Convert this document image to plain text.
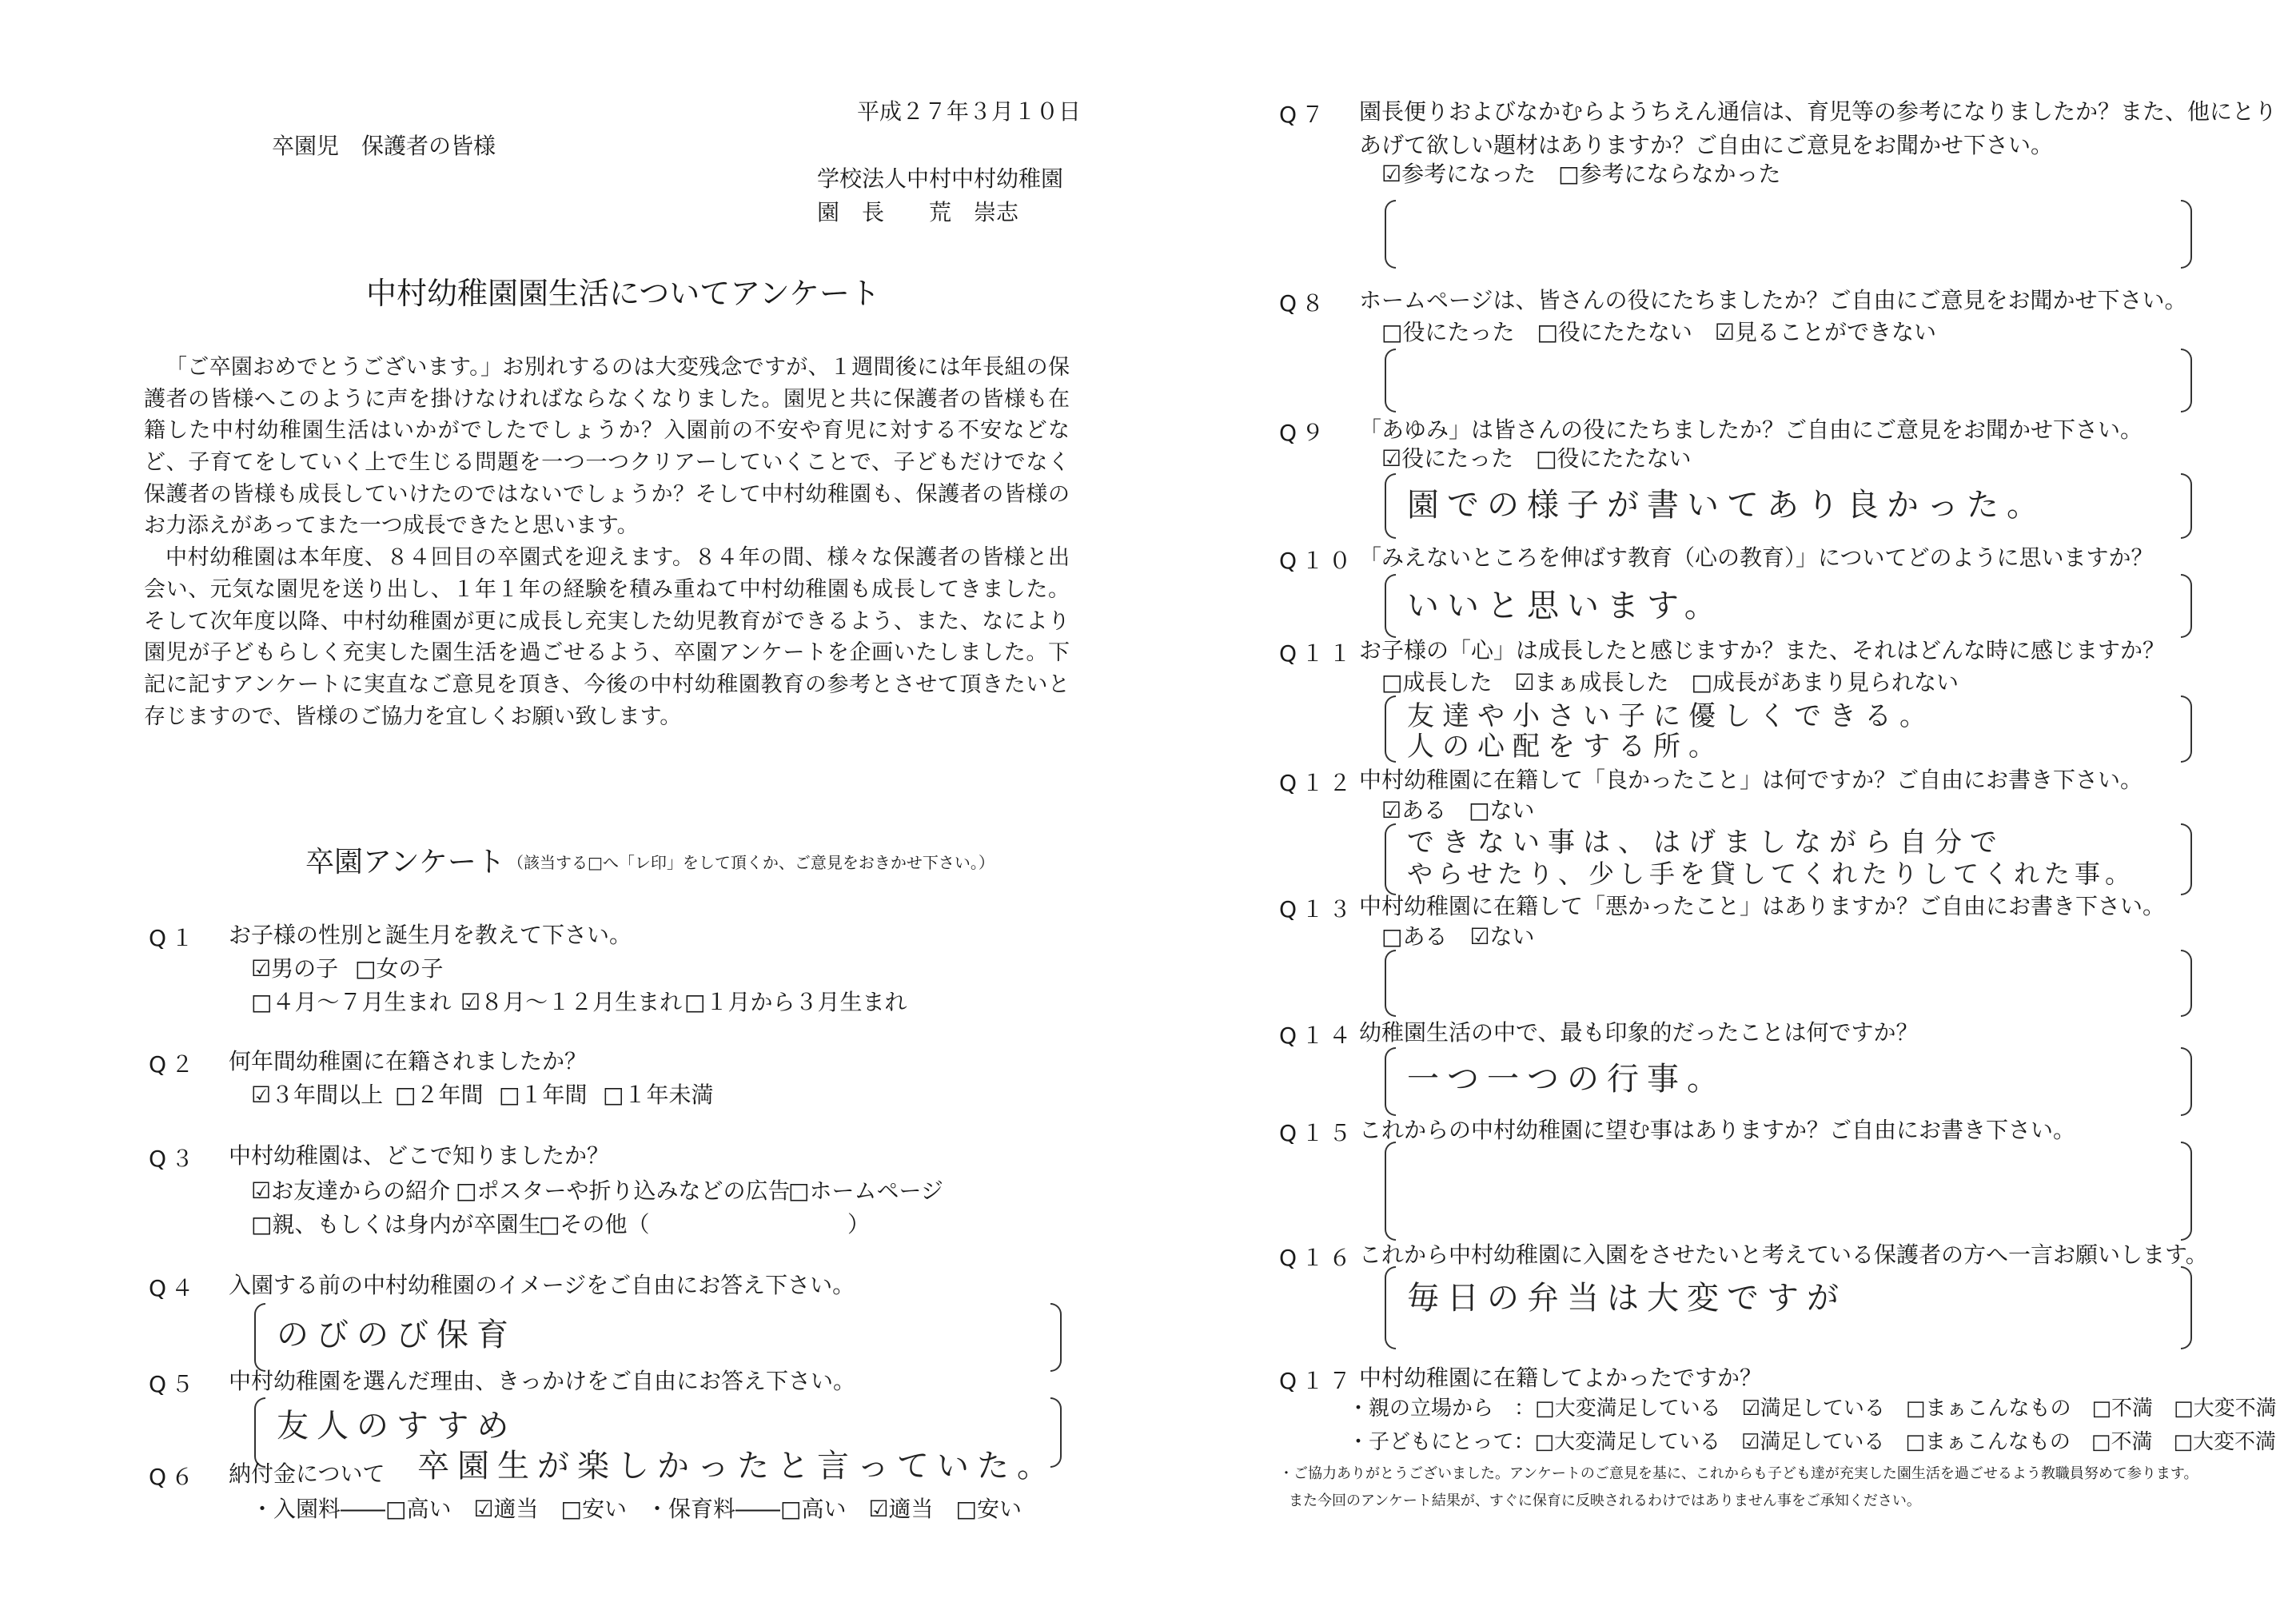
平成２７年３月１０日
卒園児　保護者の皆様
学校法人中村中村幼稚園
園　長　　荒　崇志
中村幼稚園園生活についてアンケート

「ご卒園おめでとうございます。」お別れするのは大変残念ですが、１週間後には年長組の保護者の皆様へこのように声を掛けなければならなくなりました。園児と共に保護者の皆様も在籍した中村幼稚園生活はいかがでしたでしょうか？入園前の不安や育児に対する不安などなど、子育てをしていく上で生じる問題を一つ一つクリアーしていくことで、子どもだけでなく保護者の皆様も成長していけたのではないでしょうか？そして中村幼稚園も、保護者の皆様のお力添えがあってまた一つ成長できたと思います。

中村幼稚園は本年度、８４回目の卒園式を迎えます。８４年の間、様々な保護者の皆様と出会い、元気な園児を送り出し、１年１年の経験を積み重ねて中村幼稚園も成長してきました。そして次年度以降、中村幼稚園が更に成長し充実した幼児教育ができるよう、また、なにより園児が子どもらしく充実した園生活を過ごせるよう、卒園アンケートを企画いたしました。下記に記すアンケートに実直なご意見を頂き、今後の中村幼稚園教育の参考とさせて頂きたいと存じますので、皆様のご協力を宜しくお願い致します。

卒園アンケート （該当する□へ「レ印」をして頂くか、ご意見をおきかせ下さい。）
Q１ お子様の性別と誕生月を教えて下さい。
☑男の子 □女の子
□４月～７月生まれ ☑８月～１２月生まれ □１月から３月生まれ
Q２ 何年間幼稚園に在籍されましたか？
☑３年間以上 □２年間 □１年間 □１年未満
Q３ 中村幼稚園は、どこで知りましたか？
☑お友達からの紹介 □ポスターや折り込みなどの広告
□ホームページ
□親、もしくは身内が卒園生
□その他（	）
Q４ 入園する前の中村幼稚園のイメージをご自由にお答え下さい。
のびのび保育
Q５ 中村幼稚園を選んだ理由、きっかけをご自由にお答え下さい。
友人のすすめ
卒園生が楽しかったと言っていた。
Q６ 納付金について
・入園料――□高い　☑適当　□安い ・保育料――□高い　☑適当　□安い
Q７ 園長便りおよびなかむらようちえん通信は、育児等の参考になりましたか？また、他にとり
あげて欲しい題材はありますか？ご自由にご意見をお聞かせ下さい。
☑参考になった　□参考にならなかった
Q８ ホームページは、皆さんの役にたちましたか？ご自由にご意見をお聞かせ下さい。
□役にたった　□役にたたない　☑見ることができない
Q９ 「あゆみ」は皆さんの役にたちましたか？ご自由にご意見をお聞かせ下さい。
☑役にたった　□役にたたない
園での様子が書いてあり良かった。
Q１０ 「みえないところを伸ばす教育（心の教育）」についてどのように思いますか？
いいと思います。
Q１１ お子様の「心」は成長したと感じますか？また、それはどんな時に感じますか？
□成長した　☑まぁ成長した　□成長があまり見られない
友達や小さい子に優しくできる。
人の心配をする所。
Q１２ 中村幼稚園に在籍して「良かったこと」は何ですか？ご自由にお書き下さい。
☑ある　□ない
できない事は、はげましながら自分で
やらせたり、少し手を貸してくれたりしてくれた事。
Q１３ 中村幼稚園に在籍して「悪かったこと」はありますか？ご自由にお書き下さい。
□ある　☑ない
Q１４ 幼稚園生活の中で、最も印象的だったことは何ですか？
一つ一つの行事。
Q１５ これからの中村幼稚園に望む事はありますか？ご自由にお書き下さい。
Q１６ これから中村幼稚園に入園をさせたいと考えている保護者の方へ一言お願いします。
毎日の弁当は大変ですが
Q１７ 中村幼稚園に在籍してよかったですか？
・親の立場から　：□大変満足している　☑満足している　□まぁこんなもの　□不満　□大変不満
・子どもにとって：□大変満足している　☑満足している　□まぁこんなもの　□不満　□大変不満
・ご協力ありがとうございました。アンケートのご意見を基に、これからも子ども達が充実した園生活を過ごせるよう教職員努めて参ります。
また今回のアンケート結果が、すぐに保育に反映されるわけではありません事をご承知ください。
